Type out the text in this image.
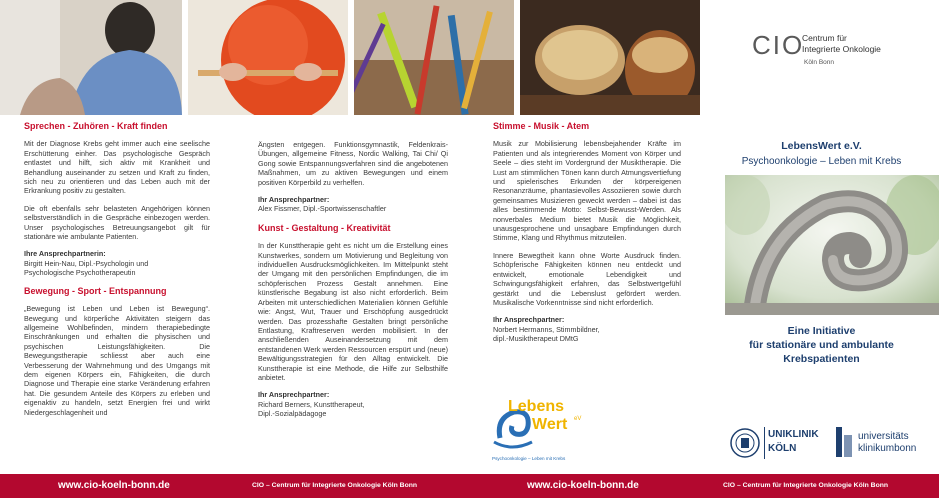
CIO
Centrum für
Integrierte Onkologie
Köln Bonn
Sprechen - Zuhören - Kraft finden

Mit der Diagnose Krebs geht immer auch eine seelische Erschütterung einher. Das psychologische Gespräch entlastet und hilft, sich aktiv mit Krankheit und Behandlung auseinander zu setzen und Kraft zu finden, sich neu zu orientieren und das Leben auch mit der Erkrankung positiv zu gestalten.

Die oft ebenfalls sehr belasteten Angehörigen können selbstverständlich in die Gespräche einbezogen werden. Unser psychologisches Betreuungsangebot gilt für stationäre wie ambulante Patienten.

Ihre Ansprechpartnerin:
Birgitt Hein-Nau, Dipl.-Psychologin und
Psychologische Psychotherapeutin
Bewegung - Sport - Entspannung

„Bewegung ist Leben und Leben ist Bewegung“. Bewegung und körperliche Aktivitäten steigern das allgemeine Wohlbefinden, mindern therapiebedingte Einschränkungen und erhalten die physischen und psychischen Leistungsfähigkeiten. Die Bewegungstherapie schliesst aber auch eine Verbesserung der Wahrnehmung und des Umgangs mit dem eigenen Körpers ein, Fähigkeiten, die durch Diagnose und Therapie eine starke Veränderung erfahren hat. Die gesundem Anteile des Körpers zu erleben und eigenaktiv zu handeln, setzt Energien frei und wirkt Niedergeschlagenheit und

Ängsten entgegen. Funktionsgymnastik, Feldenkrais-Übungen, allgemeine Fitness, Nordic Walking, Tai Chi/ Qi Gong sowie Entspannungsverfahren sind die angebotenen Maßnahmen, um zu aktiven Bewegungen und einem positiven Körperbild zu verhelfen.

Ihr Ansprechpartner:
Alex Fissmer, Dipl.-Sportwissenschaftler
Kunst - Gestaltung - Kreativität

In der Kunsttherapie geht es nicht um die Erstellung eines Kunstwerkes, sondern um Motivierung und Begleitung von individuellen Ausdrucksmöglichkeiten. Im Mittelpunkt steht der Umgang mit den persönlichen Empfindungen, die im schöpferischen Prozess Gestalt annehmen. Eine künstlerische Begabung ist also nicht erforderlich. Beim Arbeiten mit unterschiedlichen Materialien können Gefühle wie: Angst, Wut, Trauer und Erschöpfung ausgedrückt werden. Das prozesshafte Gestalten bringt persönliche Entlastung, Kraftreserven werden mobilisiert. In der anschließenden Auseinandersetzung mit dem entstandenen Werk werden Ressourcen erspürt und (neue) Bewältigungsstrategien für den Alltag entwickelt. Die Kunsttherapie ist eine Methode, die Hilfe zur Selbsthilfe anbietet.

Ihr Ansprechpartner:
Richard Berners, Kunsttherapeut,
Dipl.-Sozialpädagoge
Stimme - Musik - Atem

Musik zur Mobilisierung lebensbejahender Kräfte im Patienten und als integrierendes Moment von Körper und Seele – dies steht im Vordergrund der Musiktherapie. Die Lust am stimmlichen Tönen kann durch Atmungsvertiefung und spielerisches Erkunden der körpereigenen Resonanzräume, phantasievolles Assoziieren sowie durch gemeinsames Musizieren geweckt werden – dabei ist das alles bestimmende Motto: Selbst-Bewusst-Werden. Als nonverbales Medium bietet Musik die Möglichkeit, unausgesprochene und unsagbare Empfindungen durch Stimme, Klang und Rhythmus mitzuteilen.

Innere Bewegtheit kann ohne Worte Ausdruck finden. Schöpferische Fähigkeiten können neu entdeckt und entwickelt, emotionale Lebendigkeit und Schwingungsfähigkeit erfahren, das Selbstwertgefühl gestärkt und die Lebenslust gefördert werden. Musikalische Vorkenntnisse sind nicht erforderlich.

Ihr Ansprechpartner:
Norbert Hermanns, Stimmbildner,
dipl.-Musiktherapeut DMtG
Lebens
Wert eV
Psychoonkologie – Leben mit Krebs
LebensWert e.V.
Psychoonkologie – Leben mit Krebs
Eine Initiative
für stationäre und ambulante
Krebspatienten
UNIKLINIK
KÖLN
universitäts
klinikumbonn
www.cio-koeln-bonn.de	CIO – Centrum für Integrierte Onkologie Köln Bonn	www.cio-koeln-bonn.de	CIO – Centrum für Integrierte Onkologie Köln Bonn
